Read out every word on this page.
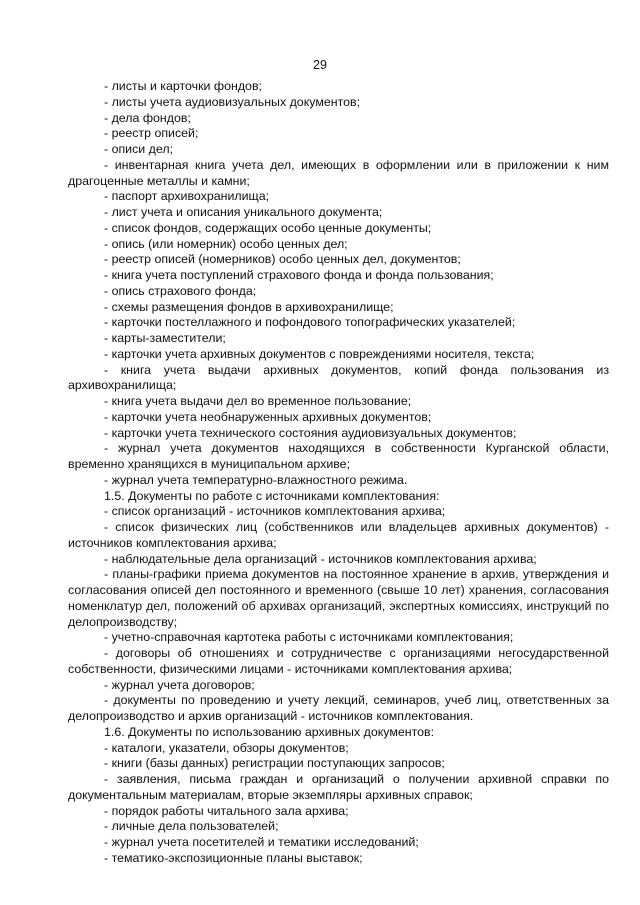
29

- листы и карточки фондов;

- листы учета аудиовизуальных документов;

- дела фондов;

- реестр описей;

- описи дел;

- инвентарная книга учета дел, имеющих в оформлении или в приложении к ним драгоценные металлы и камни;

- паспорт архивохранилища;

- лист учета и описания уникального документа;

- список фондов, содержащих особо ценные документы;

- опись (или номерник) особо ценных дел;

- реестр описей (номерников) особо ценных дел, документов;

- книга учета поступлений страхового фонда и фонда пользования;

- опись страхового фонда;

- схемы размещения фондов в архивохранилище;

- карточки постеллажного и пофондового топографических указателей;

- карты-заместители;

- карточки учета архивных документов с повреждениями носителя, текста;

- книга учета выдачи архивных документов, копий фонда пользования из архивохранилища;

- книга учета выдачи дел во временное пользование;

- карточки учета необнаруженных архивных документов;

- карточки учета технического состояния аудиовизуальных документов;

- журнал учета документов находящихся в собственности Курганской области, временно хранящихся в муниципальном архиве;

- журнал учета температурно-влажностного режима.

1.5. Документы по работе с источниками комплектования:

- список организаций - источников комплектования архива;

- список физических лиц (собственников или владельцев архивных документов) - источников комплектования архива;

- наблюдательные дела организаций - источников комплектования архива;

- планы-графики приема документов на постоянное хранение в архив, утверждения и согласования описей дел постоянного и временного (свыше 10 лет) хранения, согласования номенклатур дел, положений об архивах организаций, экспертных комиссиях, инструкций по делопроизводству;

- учетно-справочная картотека работы с источниками комплектования;

- договоры об отношениях и сотрудничестве с организациями негосударственной собственности, физическими лицами - источниками комплектования архива;

- журнал учета договоров;

- документы по проведению и учету лекций, семинаров, учеб лиц, ответственных за делопроизводство и архив организаций - источников комплектования.

1.6. Документы по использованию архивных документов:

- каталоги, указатели, обзоры документов;

- книги (базы данных) регистрации поступающих запросов;

- заявления, письма граждан и организаций о получении архивной справки по документальным материалам, вторые экземпляры архивных справок;

- порядок работы читального зала архива;

- личные дела пользователей;

- журнал учета посетителей и тематики исследований;

- тематико-экспозиционные планы выставок;
